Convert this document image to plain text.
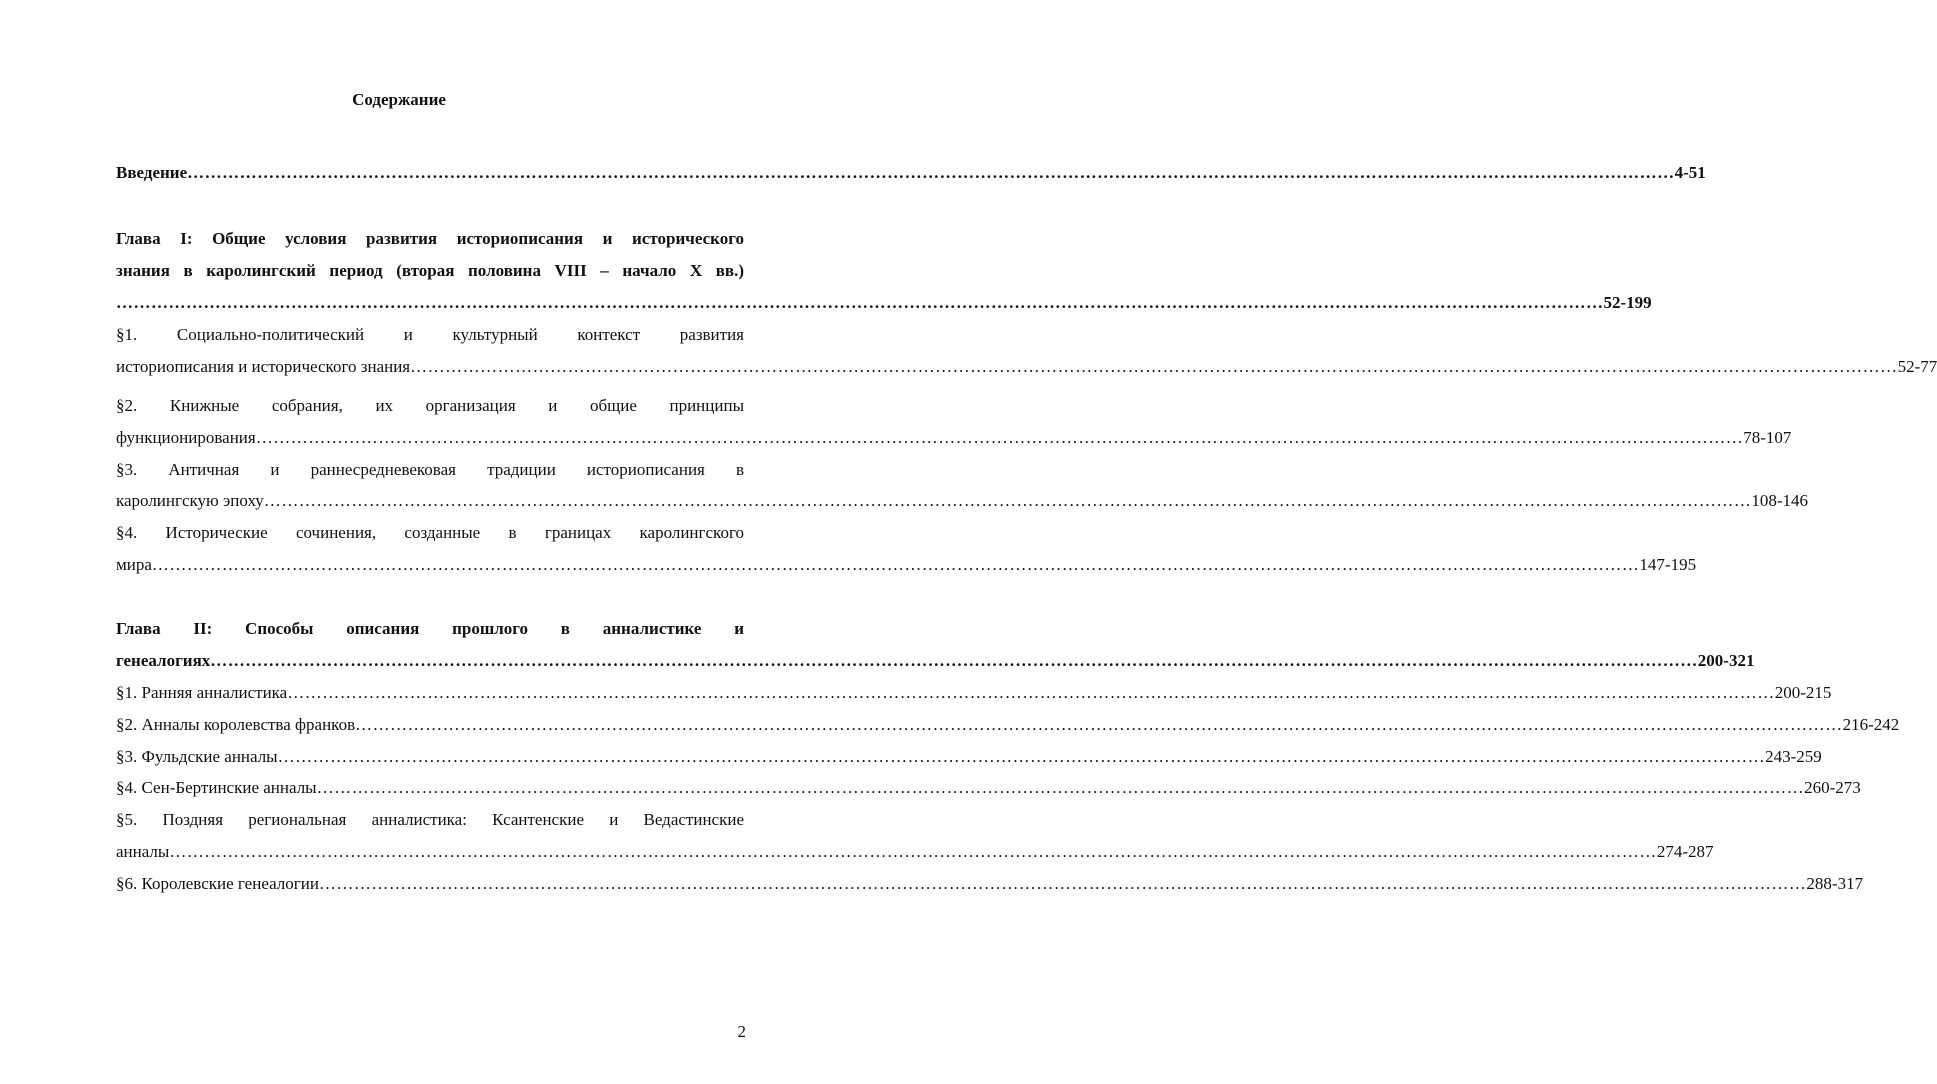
Содержание
Введение ………………………………………………………………………………………………………………………………………………………………………………………………………………………………… 4-51
Глава I: Общие условия развития историописания и исторического
знания в каролингский период (вторая половина VIII – начало X вв.)
………………………………………………………………………………………………………………………………………………………………………………………………………………………………… 52-199
§1. Социально-политический и культурный контекст развития
историописания и исторического знания ………………………………………………………………………………………………………………………………………………………………………………………………………………………………… 52-77
§2. Книжные собрания, их организация и общие принципы
функционирования ………………………………………………………………………………………………………………………………………………………………………………………………………………………………… 78-107
§3. Античная и раннесредневековая традиции историописания в
каролингскую эпоху ………………………………………………………………………………………………………………………………………………………………………………………………………………………………… 108-146
§4. Исторические сочинения, созданные в границах каролингского
мира ………………………………………………………………………………………………………………………………………………………………………………………………………………………………… 147-195
Глава II: Способы описания прошлого в анналистике и
генеалогиях ………………………………………………………………………………………………………………………………………………………………………………………………………………………………… 200-321
§1. Ранняя анналистика ………………………………………………………………………………………………………………………………………………………………………………………………………………………………… 200-215
§2. Анналы королевства франков ………………………………………………………………………………………………………………………………………………………………………………………………………………………………… 216-242
§3. Фульдские анналы ………………………………………………………………………………………………………………………………………………………………………………………………………………………………… 243-259
§4. Сен-Бертинские анналы ………………………………………………………………………………………………………………………………………………………………………………………………………………………………… 260-273
§5. Поздняя региональная анналистика: Ксантенские и Ведастинские
анналы ………………………………………………………………………………………………………………………………………………………………………………………………………………………………… 274-287
§6. Королевские генеалогии ………………………………………………………………………………………………………………………………………………………………………………………………………………………………… 288-317
2
